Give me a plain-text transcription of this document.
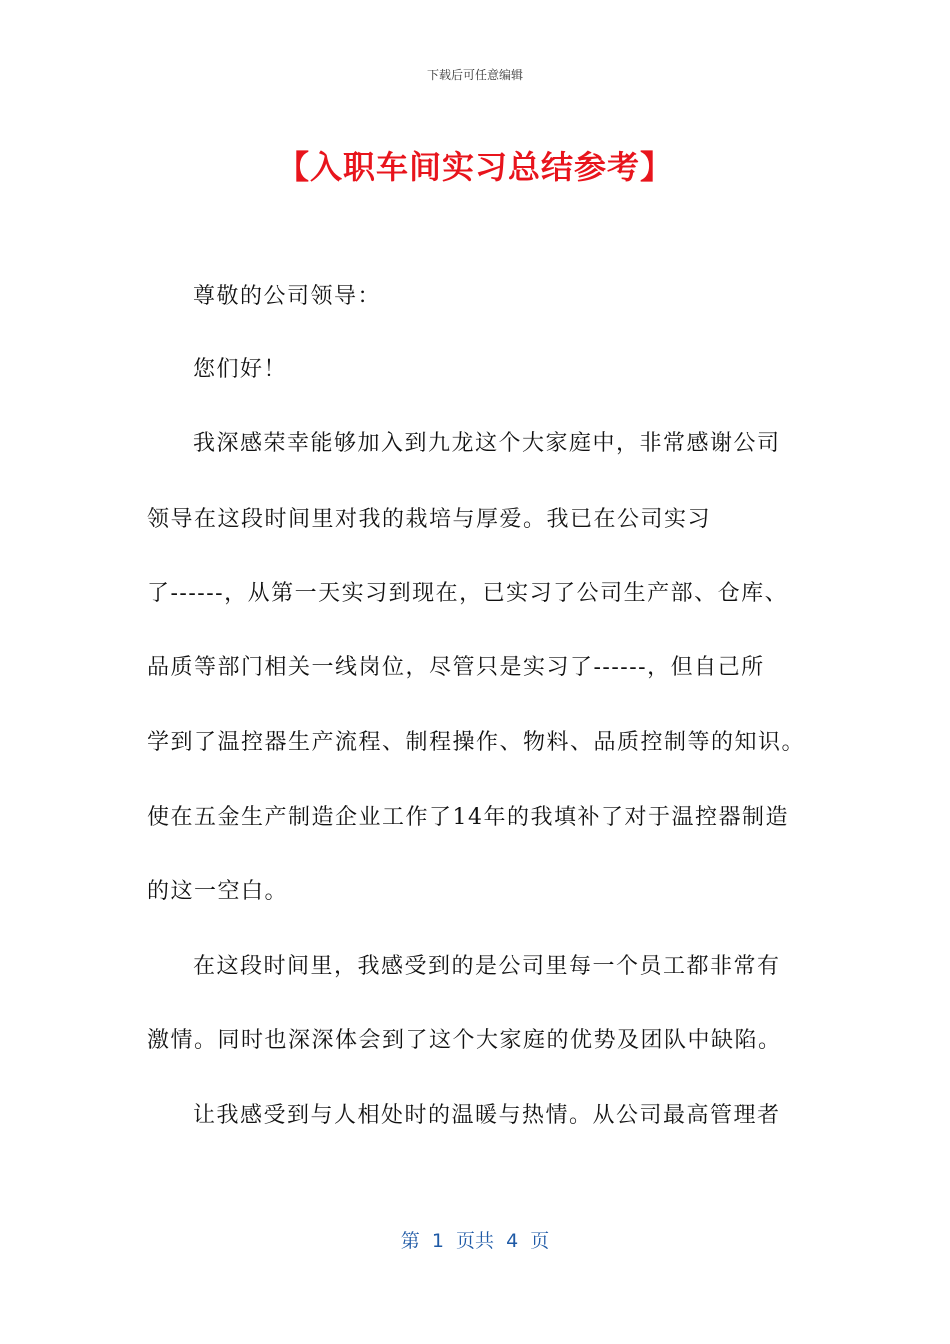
下载后可任意编辑
【入职车间实习总结参考】
尊敬的公司领导：
您们好！
我深感荣幸能够加入到九龙这个大家庭中，非常感谢公司
领导在这段时间里对我的栽培与厚爱。我已在公司实习
了------，从第一天实习到现在，已实习了公司生产部、仓库、
品质等部门相关一线岗位，尽管只是实习了------，但自己所
学到了温控器生产流程、制程操作、物料、品质控制等的知识。
使在五金生产制造企业工作了14年的我填补了对于温控器制造
的这一空白。
在这段时间里，我感受到的是公司里每一个员工都非常有
激情。同时也深深体会到了这个大家庭的优势及团队中缺陷。
让我感受到与人相处时的温暖与热情。从公司最高管理者
第  1  页共  4  页
